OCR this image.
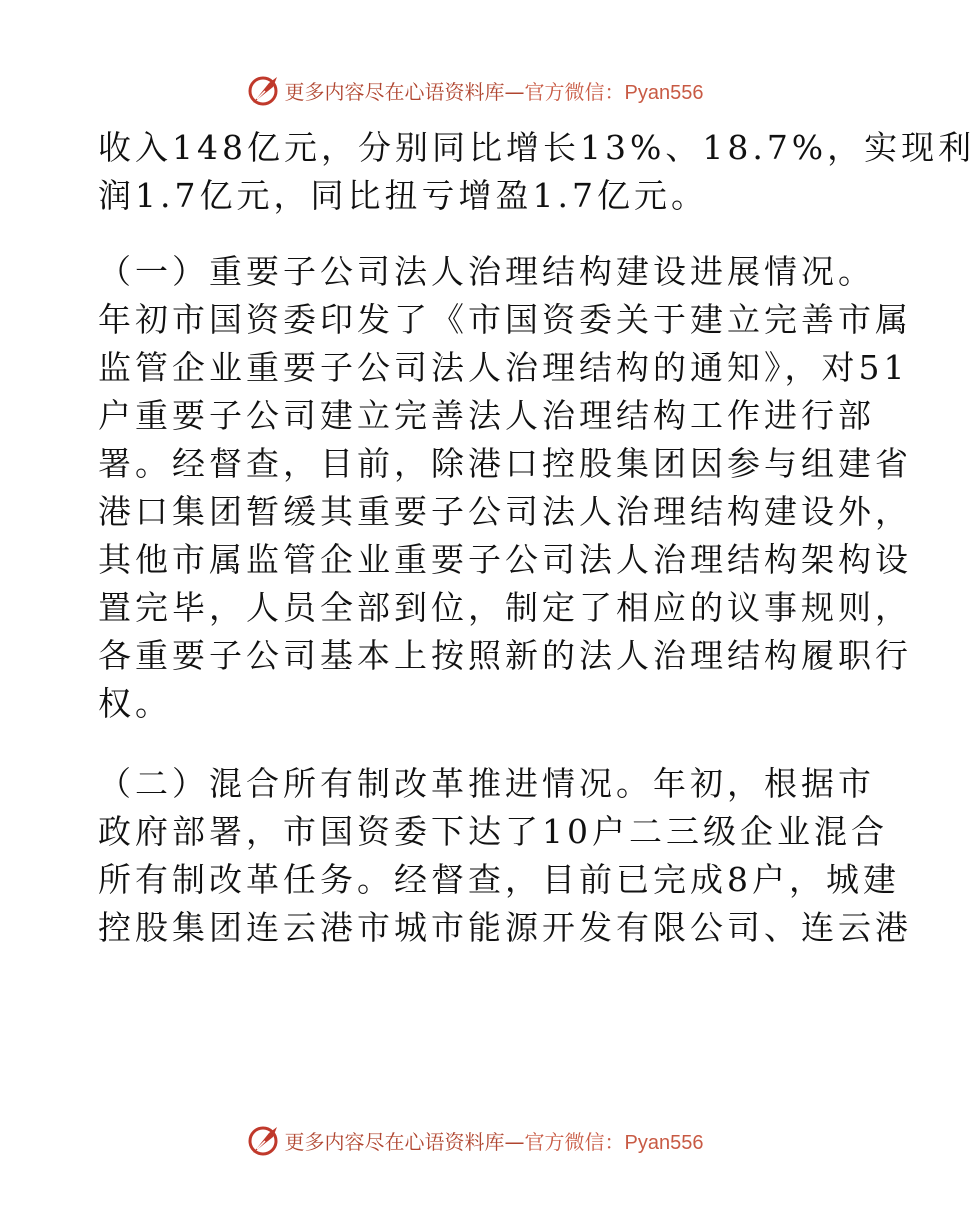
更多内容尽在心语资料库—官方微信：Pyan556
收入148亿元，分别同比增长13%、18.7%，实现利
润1.7亿元，同比扭亏增盈1.7亿元。
（一）重要子公司法人治理结构建设进展情况。
年初市国资委印发了《市国资委关于建立完善市属
监管企业重要子公司法人治理结构的通知》，对51
户重要子公司建立完善法人治理结构工作进行部
署。经督查，目前，除港口控股集团因参与组建省
港口集团暂缓其重要子公司法人治理结构建设外，
其他市属监管企业重要子公司法人治理结构架构设
置完毕，人员全部到位，制定了相应的议事规则，
各重要子公司基本上按照新的法人治理结构履职行
权。
（二）混合所有制改革推进情况。年初，根据市
政府部署，市国资委下达了10户二三级企业混合
所有制改革任务。经督查，目前已完成8户，城建
控股集团连云港市城市能源开发有限公司、连云港
更多内容尽在心语资料库—官方微信：Pyan556
